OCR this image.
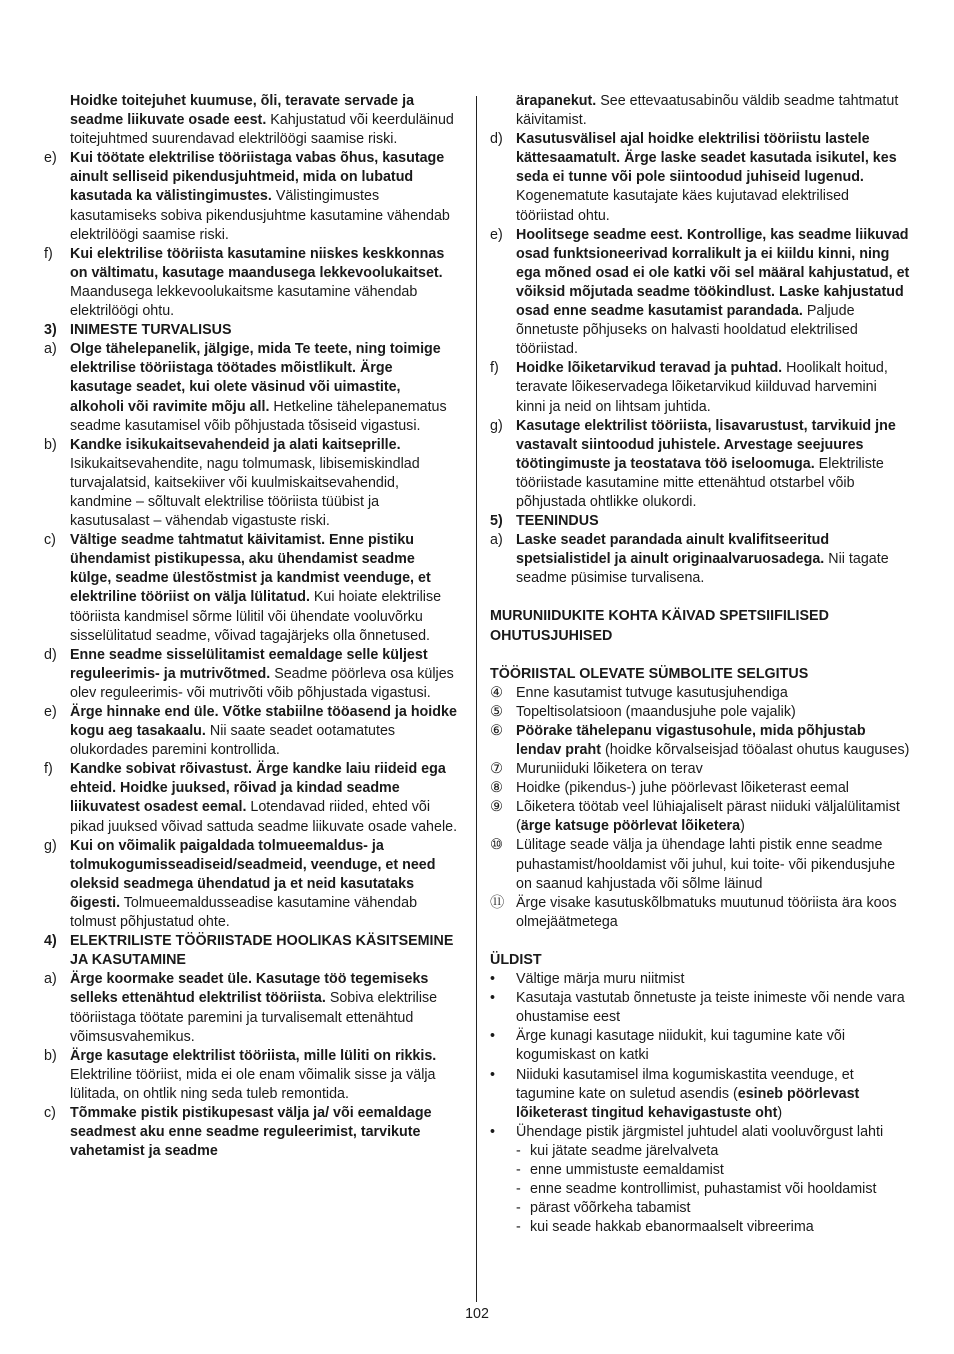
Hoidke toitejuhet kuumuse, õli, teravate servade ja seadme liikuvate osade eest. Kahjustatud või keerduläinud toitejuhtmed suurendavad elektrilöögi saamise riski.

e) Kui töötate elektrilise tööriistaga vabas õhus, kasutage ainult selliseid pikendusjuhtmeid, mida on lubatud kasutada ka välistingimustes. Välistingimustes kasutamiseks sobiva pikendusjuhtme kasutamine vähendab elektrilöögi saamise riski.

f) Kui elektrilise tööriista kasutamine niiskes keskkonnas on vältimatu, kasutage maandusega lekkevoolukaitset. Maandusega lekkevoolukaitsme kasutamine vähendab elektrilöögi ohtu.

3) INIMESTE TURVALISUS

a) Olge tähelepanelik, jälgige, mida Te teete, ning toimige elektrilise tööriistaga töötades mõistlikult. Ärge kasutage seadet, kui olete väsinud või uimastite, alkoholi või ravimite mõju all. Hetkeline tähelepanematus seadme kasutamisel võib põhjustada tõsiseid vigastusi.

b) Kandke isikukaitsevahendeid ja alati kaitseprille. Isikukaitsevahendite, nagu tolmumask, libisemiskindlad turvajalatsid, kaitsekiiver või kuulmiskaitsevahendid, kandmine – sõltuvalt elektrilise tööriista tüübist ja kasutusalast – vähendab vigastuste riski.

c) Vältige seadme tahtmatut käivitamist. Enne pistiku ühendamist pistikupessa, aku ühendamist seadme külge, seadme ülestõstmist ja kandmist veenduge, et elektriline tööriist on välja lülitatud. Kui hoiate elektrilise tööriista kandmisel sõrme lülitil või ühendate vooluvõrku sisselülitatud seadme, võivad tagajärjeks olla õnnetused.

d) Enne seadme sisselülitamist eemaldage selle küljest reguleerimis- ja mutrivõtmed. Seadme pöörleva osa küljes olev reguleerimis- või mutrivõti võib põhjustada vigastusi.

e) Ärge hinnake end üle. Võtke stabiilne tööasend ja hoidke kogu aeg tasakaalu. Nii saate seadet ootamatutes olukordades paremini kontrollida.

f) Kandke sobivat rõivastust. Ärge kandke laiu riideid ega ehteid. Hoidke juuksed, rõivad ja kindad seadme liikuvatest osadest eemal. Lotendavad riided, ehted või pikad juuksed võivad sattuda seadme liikuvate osade vahele.

g) Kui on võimalik paigaldada tolmueemaldus- ja tolmukogumisseadiseid/seadmeid, veenduge, et need oleksid seadmega ühendatud ja et neid kasutataks õigesti. Tolmueemaldusseadise kasutamine vähendab tolmust põhjustatud ohte.

4) ELEKTRILISTE TÖÖRIISTADE HOOLIKAS KÄSITSEMINE JA KASUTAMINE

a) Ärge koormake seadet üle. Kasutage töö tegemiseks selleks ettenähtud elektrilist tööriista. Sobiva elektrilise tööriistaga töötate paremini ja turvalisemalt ettenähtud võimsusvahemikus.

b) Ärge kasutage elektrilist tööriista, mille lüliti on rikkis. Elektriline tööriist, mida ei ole enam võimalik sisse ja välja lülitada, on ohtlik ning seda tuleb remontida.

c) Tõmmake pistik pistikupesast välja ja/ või eemaldage seadmest aku enne seadme reguleerimist, tarvikute vahetamist ja seadme

ärapanekut. See ettevaatusabinõu väldib seadme tahtmatut käivitamist.

d) Kasutusvälisel ajal hoidke elektrilisi tööriistu lastele kättesaamatult. Ärge laske seadet kasutada isikutel, kes seda ei tunne või pole siintoodud juhiseid lugenud. Kogenematute kasutajate käes kujutavad elektrilised tööriistad ohtu.

e) Hoolitsege seadme eest. Kontrollige, kas seadme liikuvad osad funktsioneerivad korralikult ja ei kiildu kinni, ning ega mõned osad ei ole katki või sel määral kahjustatud, et võiksid mõjutada seadme töökindlust. Laske kahjustatud osad enne seadme kasutamist parandada. Paljude õnnetuste põhjuseks on halvasti hooldatud elektrilised tööriistad.

f) Hoidke lõiketarvikud teravad ja puhtad. Hoolikalt hoitud, teravate lõikeservadega lõiketarvikud kiilduvad harvemini kinni ja neid on lihtsam juhtida.

g) Kasutage elektrilist tööriista, lisavarustust, tarvikuid jne vastavalt siintoodud juhistele. Arvestage seejuures töötingimuste ja teostatava töö iseloomuga. Elektriliste tööriistade kasutamine mitte ettenähtud otstarbel võib põhjustada ohtlikke olukordi.

5) TEENINDUS

a) Laske seadet parandada ainult kvalifitseeritud spetsialistidel ja ainult originaalvaruosadega. Nii tagate seadme püsimise turvalisena.

MURUNIIDUKITE KOHTA KÄIVAD SPETSIIFILISED OHUTUSJUHISED

TÖÖRIISTAL OLEVATE SÜMBOLITE SELGITUS

④ Enne kasutamist tutvuge kasutusjuhendiga

⑤ Topeltisolatsioon (maandusjuhe pole vajalik)

⑥ Pöörake tähelepanu vigastusohule, mida põhjustab lendav praht (hoidke kõrvalseisjad tööalast ohutus kauguses)

⑦ Muruniiduki lõiketera on terav

⑧ Hoidke (pikendus-) juhe pöörlevast lõiketerast eemal

⑨ Lõiketera töötab veel lühiajaliselt pärast niiduki väljalülitamist (ärge katsuge pöörlevat lõiketera)

⑩ Lülitage seade välja ja ühendage lahti pistik enne seadme puhastamist/hooldamist või juhul, kui toite- või pikendusjuhe on saanud kahjustada või sõlme läinud

⑪ Ärge visake kasutuskõlbmatuks muutunud tööriista ära koos olmejäätmetega

ÜLDIST

• Vältige märja muru niitmist

• Kasutaja vastutab õnnetuste ja teiste inimeste või nende vara ohustamise eest

• Ärge kunagi kasutage niidukit, kui tagumine kate või kogumiskast on katki

• Niiduki kasutamisel ilma kogumiskastita veenduge, et tagumine kate on suletud asendis (esineb pöörlevast lõiketerast tingitud kehavigastuste oht)

• Ühendage pistik järgmistel juhtudel alati vooluvõrgust lahti

- kui jätate seadme järelvalveta
- enne ummistuste eemaldamist
- enne seadme kontrollimist, puhastamist või hooldamist
- pärast võõrkeha tabamist
- kui seade hakkab ebanormaalselt vibreerima
102
